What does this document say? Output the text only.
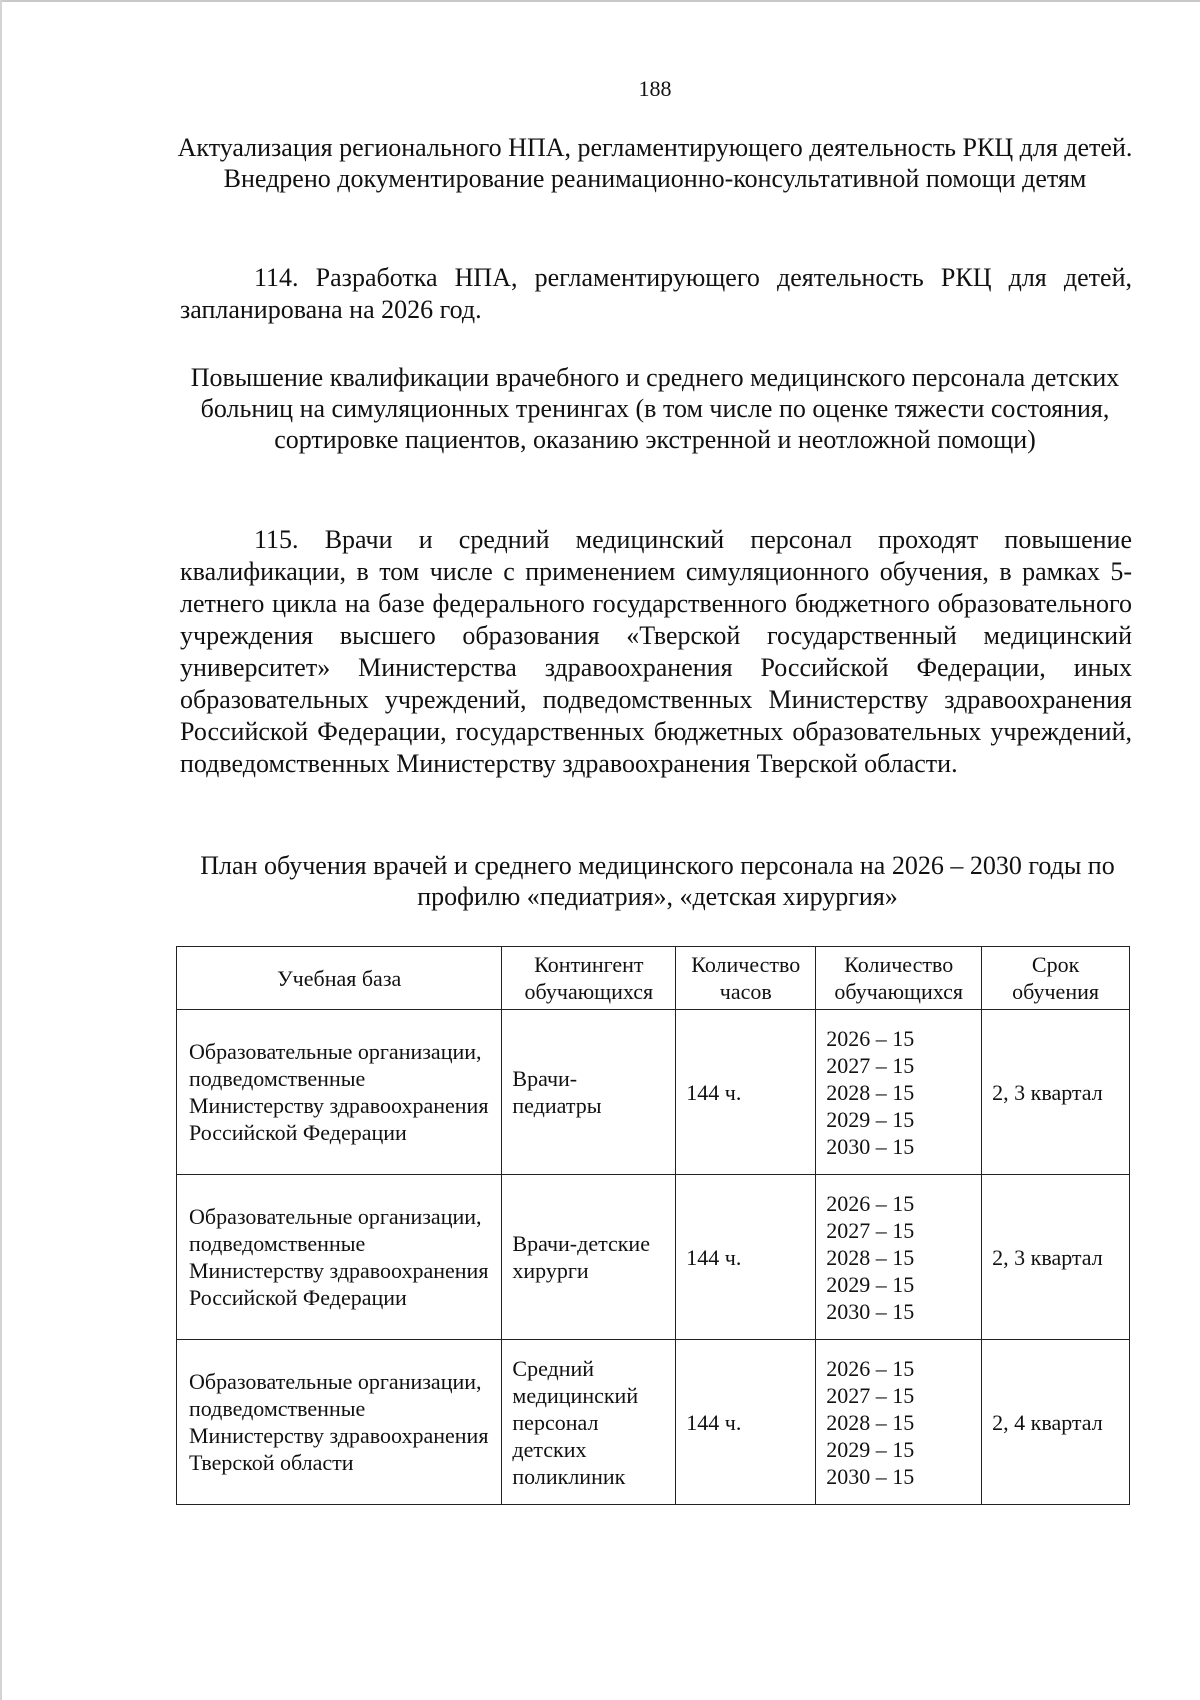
188
Актуализация регионального НПА, регламентирующего деятельность РКЦ для детей. Внедрено документирование реанимационно-консультативной помощи детям
114. Разработка НПА, регламентирующего деятельность РКЦ для детей, запланирована на 2026 год.
Повышение квалификации врачебного и среднего медицинского персонала детских больниц на симуляционных тренингах (в том числе по оценке тяжести состояния, сортировке пациентов, оказанию экстренной и неотложной помощи)
115. Врачи и средний медицинский персонал проходят повышение квалификации, в том числе с применением симуляционного обучения, в рамках 5-летнего цикла на базе федерального государственного бюджетного образовательного учреждения высшего образования «Тверской государственный медицинский университет» Министерства здравоохранения Российской Федерации, иных образовательных учреждений, подведомственных Министерству здравоохранения Российской Федерации, государственных бюджетных образовательных учреждений, подведомственных Министерству здравоохранения Тверской области.
План обучения врачей и среднего медицинского персонала на 2026 – 2030 годы по профилю «педиатрия», «детская хирургия»
Учебная база	Контингент обучающихся	Количество часов	Количество обучающихся	Срок обучения
Образовательные организации, подведомственные Министерству здравоохранения Российской Федерации	Врачи-педиатры	144 ч.	2026 – 15
2027 – 15
2028 – 15
2029 – 15
2030 – 15	2, 3 квартал
Образовательные организации, подведомственные Министерству здравоохранения Российской Федерации	Врачи-детские хирурги	144 ч.	2026 – 15
2027 – 15
2028 – 15
2029 – 15
2030 – 15	2, 3 квартал
Образовательные организации, подведомственные Министерству здравоохранения Тверской области	Средний медицинский персонал детских поликлиник	144 ч.	2026 – 15
2027 – 15
2028 – 15
2029 – 15
2030 – 15	2, 4 квартал
